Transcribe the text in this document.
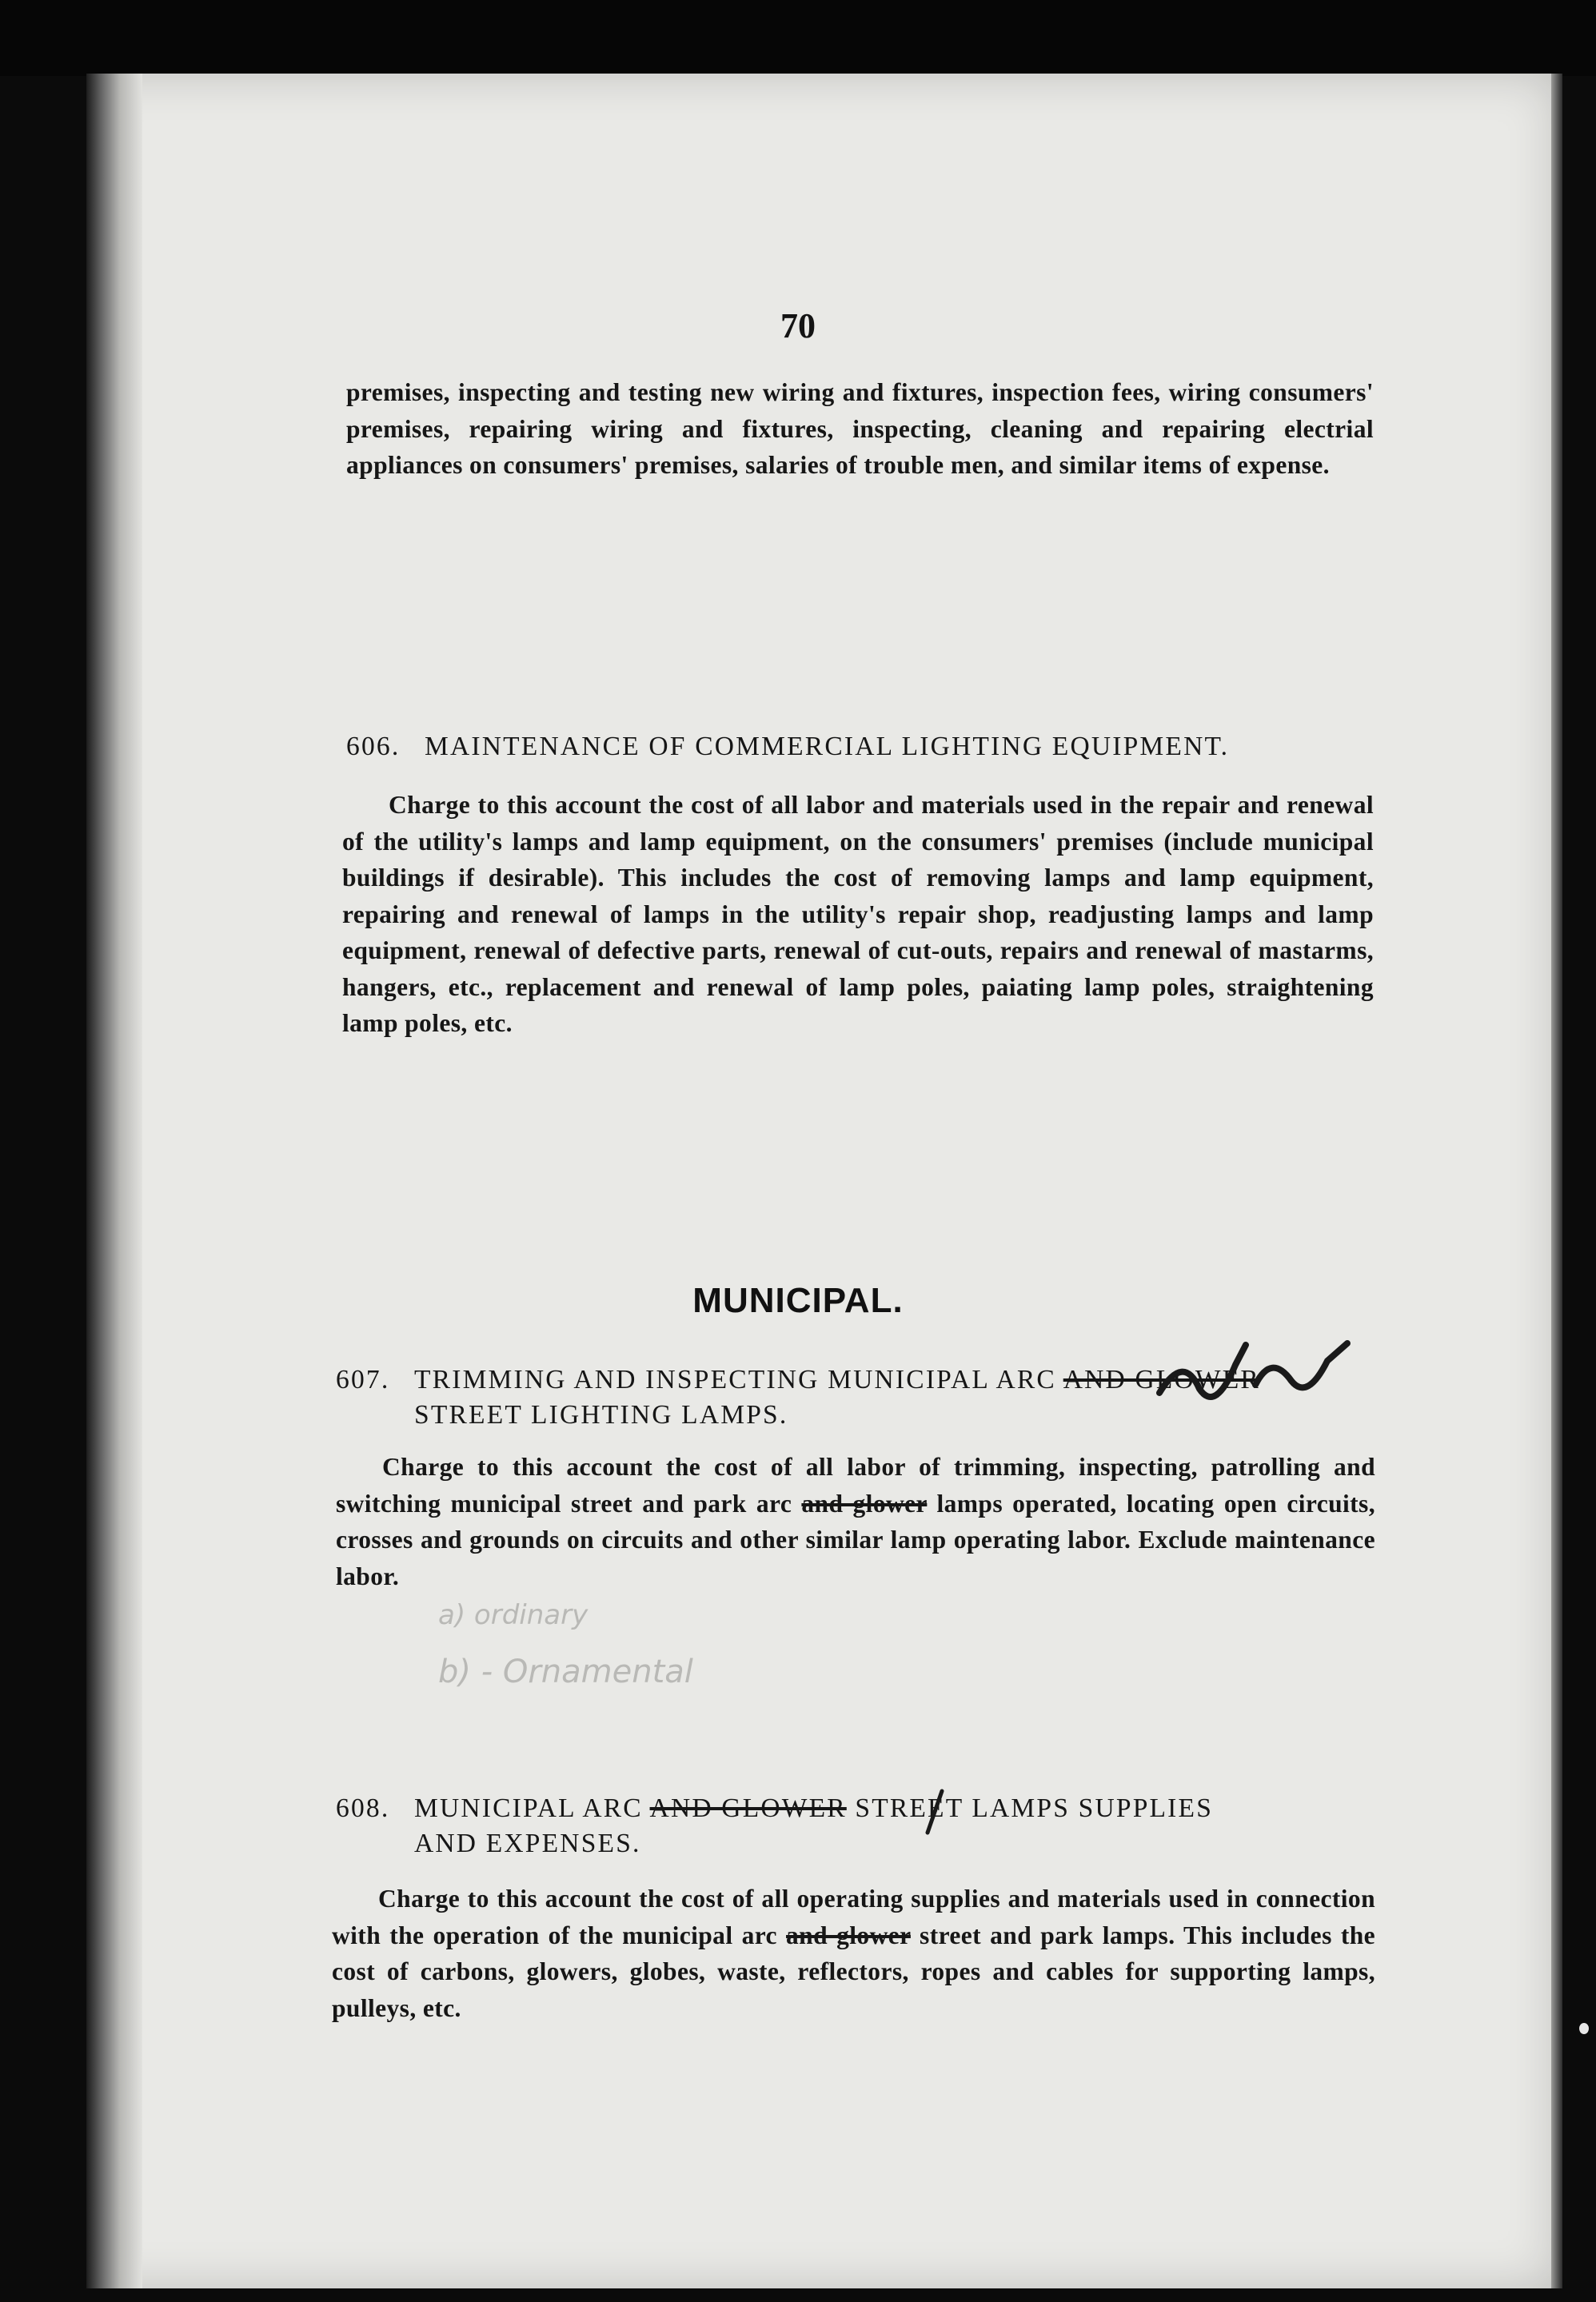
70

premises, inspecting and testing new wiring and fixtures, inspection fees, wiring consumers' premises, repairing wiring and fixtures, inspecting, cleaning and repairing electrial appliances on consumers' premises, salaries of trouble men, and similar items of expense.

606. MAINTENANCE OF COMMERCIAL LIGHTING EQUIPMENT.

Charge to this account the cost of all labor and materials used in the repair and renewal of the utility's lamps and lamp equipment, on the consumers' premises (include municipal buildings if desirable). This includes the cost of removing lamps and lamp equipment, repairing and renewal of lamps in the utility's repair shop, readjusting lamps and lamp equipment, renewal of defective parts, renewal of cut-outs, repairs and renewal of mastarms, hangers, etc., replacement and renewal of lamp poles, paiating lamp poles, straightening lamp poles, etc.

MUNICIPAL.
607. TRIMMING AND INSPECTING MUNICIPAL ARC AND GLOWER
STREET LIGHTING LAMPS.

Charge to this account the cost of all labor of trimming, inspecting, patrolling and switching municipal street and park arc and glower lamps operated, locating open circuits, crosses and grounds on circuits and other similar lamp operating labor. Exclude maintenance labor.

a) ordinary
b) - Ornamental
608. MUNICIPAL ARC AND GLOWER STREET LAMPS SUPPLIES
AND EXPENSES.

Charge to this account the cost of all operating supplies and materials used in connection with the operation of the municipal arc and glower street and park lamps. This includes the cost of carbons, glowers, globes, waste, reflectors, ropes and cables for supporting lamps, pulleys, etc.
